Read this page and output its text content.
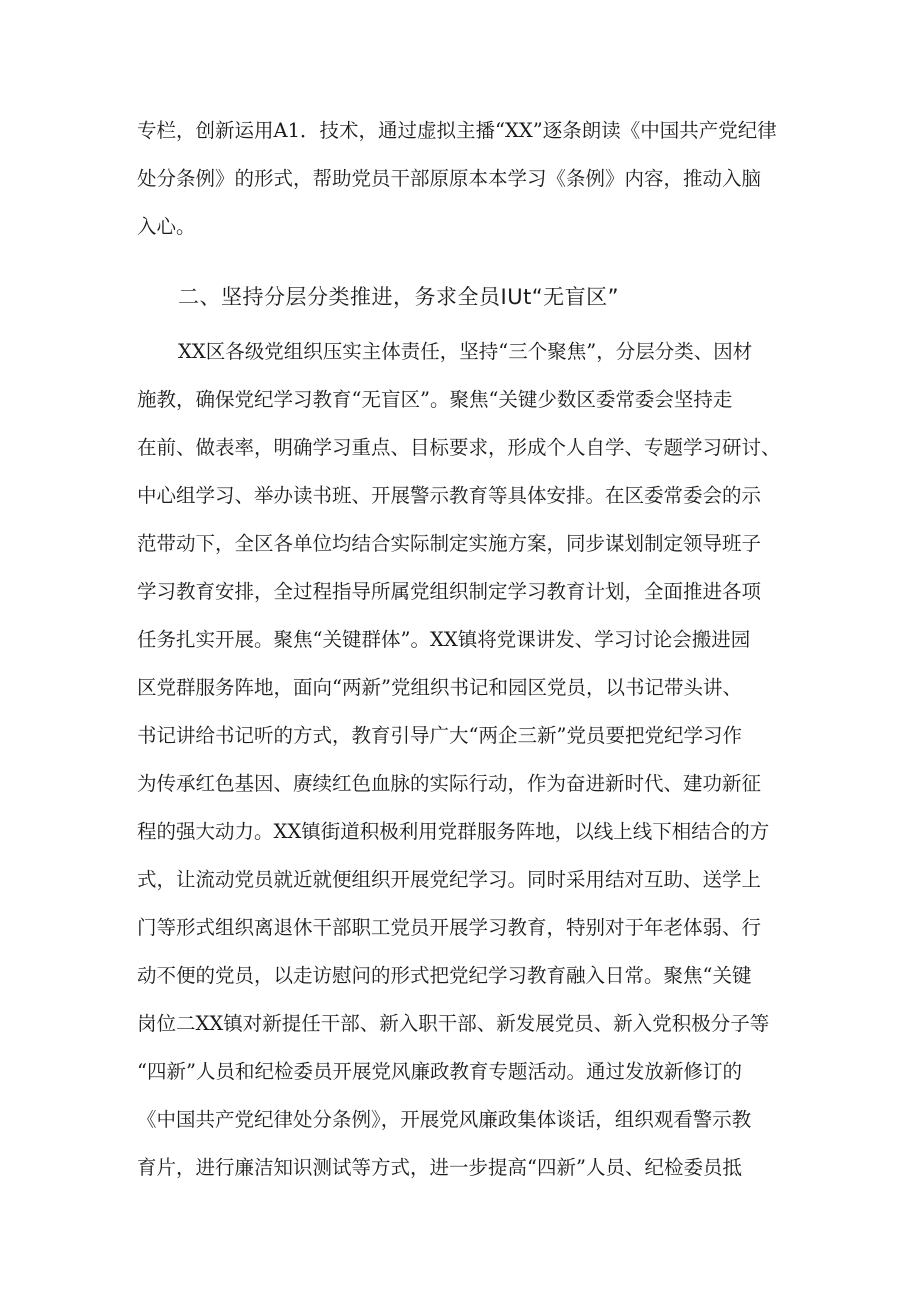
专栏，创新运用A1．技术，通过虚拟主播“XX”逐条朗读《中国共产党纪律
处分条例》的形式，帮助党员干部原原本本学习《条例》内容，推动入脑
入心。
二、坚持分层分类推进，务求全员IUt“无盲区”
XX区各级党组织压实主体责任，坚持“三个聚焦”，分层分类、因材
施教，确保党纪学习教育“无盲区”。聚焦“关键少数区委常委会坚持走
在前、做表率，明确学习重点、目标要求，形成个人自学、专题学习研讨、
中心组学习、举办读书班、开展警示教育等具体安排。在区委常委会的示
范带动下，全区各单位均结合实际制定实施方案，同步谋划制定领导班子
学习教育安排，全过程指导所属党组织制定学习教育计划，全面推进各项
任务扎实开展。聚焦“关键群体”。XX镇将党课讲发、学习讨论会搬进园
区党群服务阵地，面向“两新”党组织书记和园区党员，以书记带头讲、
书记讲给书记听的方式，教育引导广大“两企三新”党员要把党纪学习作
为传承红色基因、赓续红色血脉的实际行动，作为奋进新时代、建功新征
程的强大动力。XX镇街道积极利用党群服务阵地，以线上线下相结合的方
式，让流动党员就近就便组织开展党纪学习。同时采用结对互助、送学上
门等形式组织离退休干部职工党员开展学习教育，特别对于年老体弱、行
动不便的党员，以走访慰问的形式把党纪学习教育融入日常。聚焦“关键
岗位二XX镇对新提任干部、新入职干部、新发展党员、新入党积极分子等
“四新”人员和纪检委员开展党风廉政教育专题活动。通过发放新修订的
《中国共产党纪律处分条例》，开展党风廉政集体谈话，组织观看警示教
育片，进行廉洁知识测试等方式，进一步提高“四新”人员、纪检委员抵
